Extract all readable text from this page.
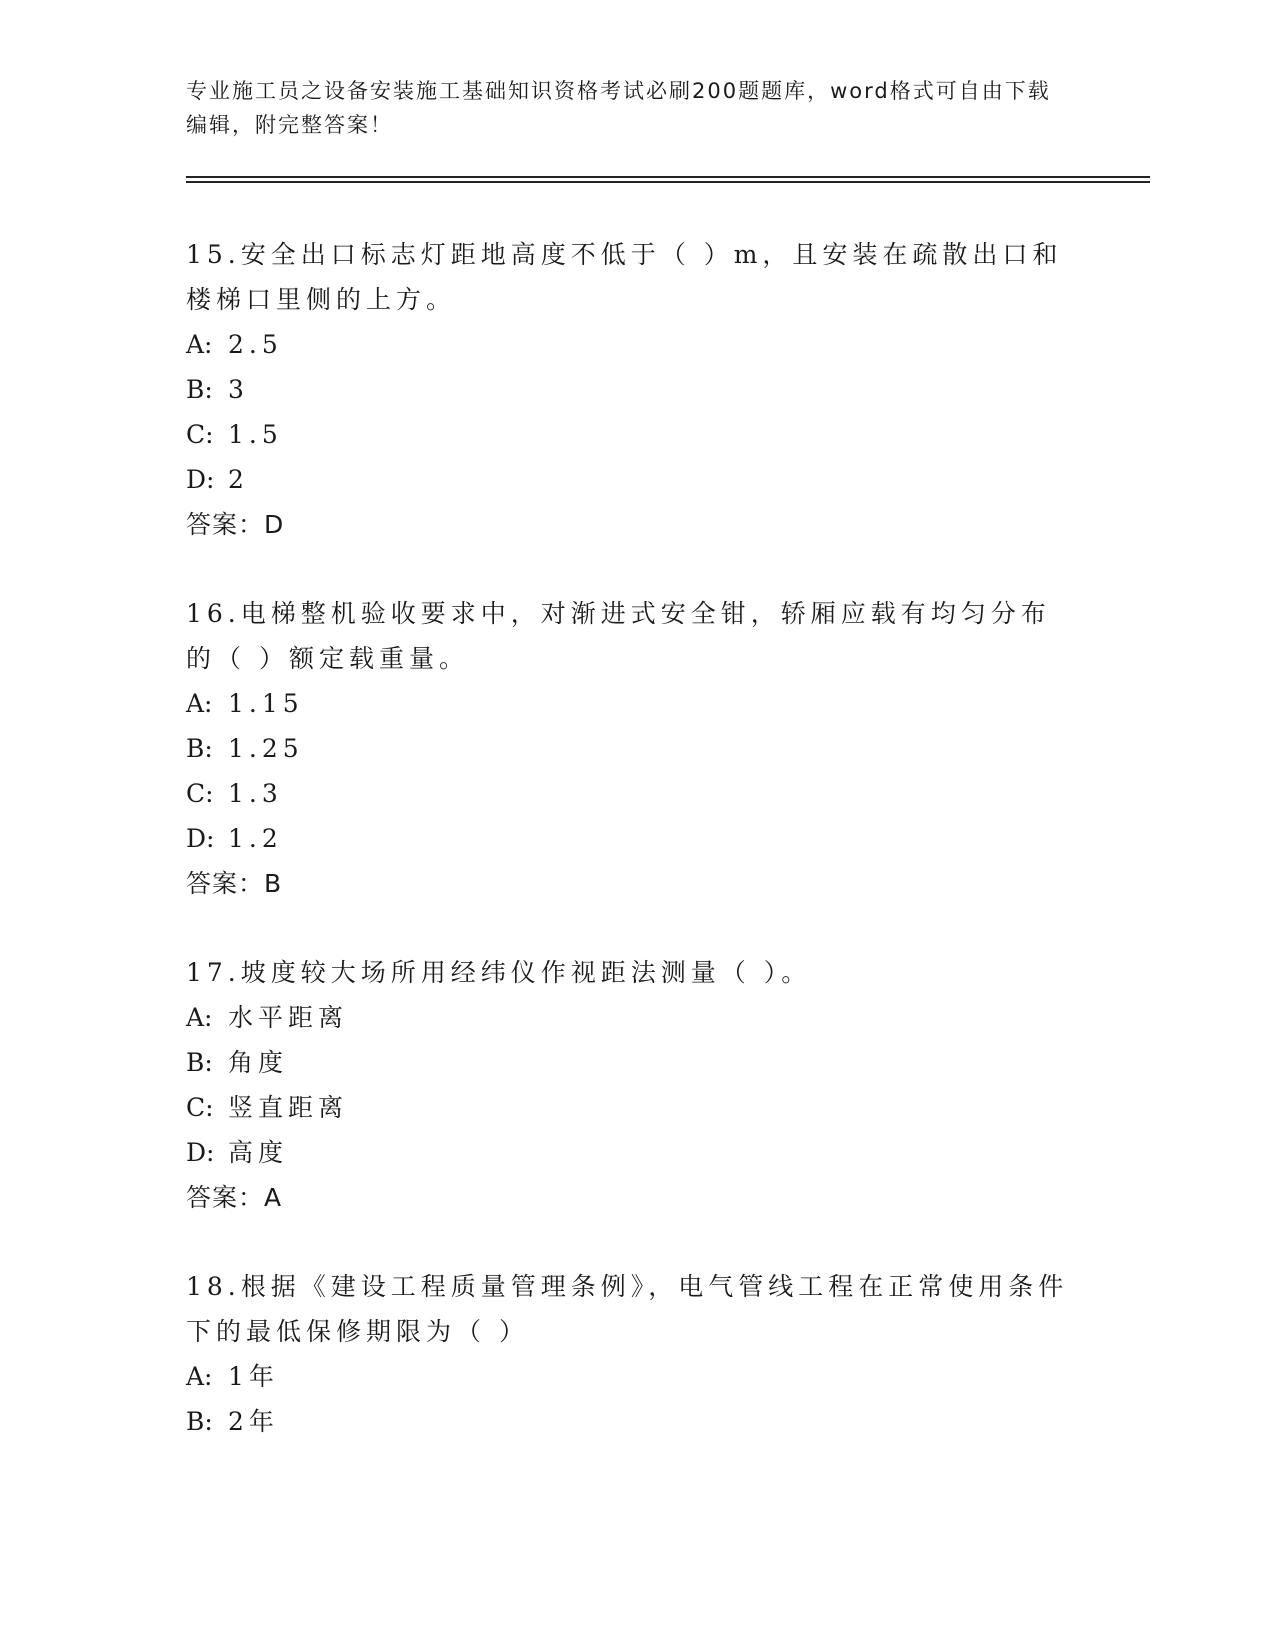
专业施工员之设备安装施工基础知识资格考试必刷200题题库，word格式可自由下载编辑，附完整答案！
15.安全出口标志灯距地高度不低于（ ）m，且安装在疏散出口和楼梯口里侧的上方。
A: 2.5
B: 3
C: 1.5
D: 2
答案：D
16.电梯整机验收要求中，对渐进式安全钳，轿厢应载有均匀分布的（ ）额定载重量。
A: 1.15
B: 1.25
C: 1.3
D: 1.2
答案：B
17.坡度较大场所用经纬仪作视距法测量（ ）。
A: 水平距离
B: 角度
C: 竖直距离
D: 高度
答案：A
18.根据《建设工程质量管理条例》，电气管线工程在正常使用条件下的最低保修期限为（ ）
A: 1年
B: 2年
